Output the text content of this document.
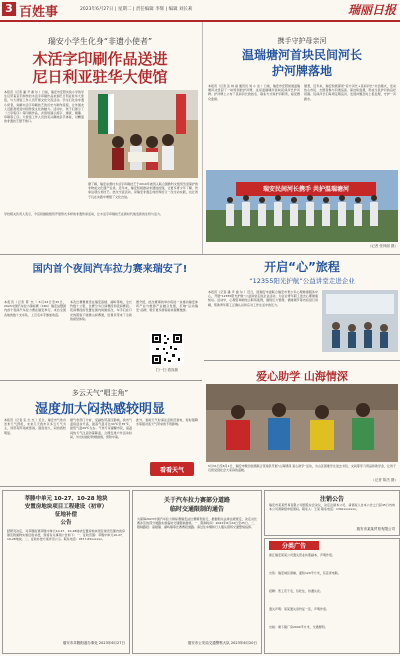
3 百姓事	2023年6月27日 | 星期二 | 责任编辑 李辉 | 编辑 刘长莉	瑞丽日报
瑞安小学生化身“非遗小使者”
木活字印刷作品送进
尼日利亚驻华大使馆
本报讯（记者 潘 尹 谢 尔 ）日前，瑞安市安阳实验小学的学生们带着亲手制作的木活字印刷作品来到尼日利亚驻华大使馆，与大使馆工作人员开展文化交流活动。学生们化身非遗小使者，讲解木活字印刷技艺的历史与制作流程，让外国友人近距离感受中国传统文化的魅力。活动中，孩子们展示了《兰亭集序》等印刷作品，并现场演示拣字、排版、刷墨、印刷等工序。大使馆工作人员饶有兴趣地亲手体验，对精湛的非遗技艺赞不绝口。
据了解，瑞安东源村木活字印刷技艺于2010年被列入联合国教科文组织急需保护的非物质文化遗产名录。近年来，瑞安积极推动非遗进校园，让更多青少年了解、传承这项古老技艺。此次交流活动，是瑞安非遗走向世界的又一次生动实践，也让孩子们在实践中增强了文化自信。
学校相关负责人表示，今后将继续组织开展形式多样的非遗传承活动，让木活字印刷技艺在新时代焕发新的生机与活力。
携手守护母亲河
温瑞塘河首块民间河长
护河牌落地
本报讯（记者 张 帅 丽 通讯员 刘 小 洁 ）日前，瑞安市安阳街道温瑞塘河边竖起了一块特别的护河牌，这是温瑞塘河首块民间河长护河牌。护河牌上公布了民间河长的姓名、联系方式和护河职责，接受群众监督。
据悉，近年来，瑞安积极探索“官方河长+民间河长”共治模式，发动热心市民、志愿者参与河道巡查、保洁和监督，形成全民护河的良好氛围。民间河长们每周定期巡河，发现问题及时上报处理，守护一河碧水。
瑞安民间河长携手 共护温瑞塘河
（记者 张帅丽 摄）
国内首个夜间汽车拉力赛来瑞安了!
本报讯（记者 陈 杰 ）6月24日至25日，2023中国汽车拉力锦标赛（CRC）瑞安站暨国内首个夜间汽车拉力赛在瑞安举行。来自全国各地的数十支车队、上百名车手参加角逐。
本次比赛赛道设在瑞安高楼、湖岭等地，全长约数十公里，比赛分为日间赛段和夜间赛段。夜间赛段的设置在国内尚属首次，车手们在灯光的照射下驰骋山间赛道，给观众带来了全新的视觉体验。
据介绍，此次赛事的举办将进一步推动瑞安体育产业与旅游产业融合发展，打响“运动瑞安”品牌，吸引更多游客前来观赛旅游。
扫一扫 看视频
多云天气“唱主角”
湿度加大闷热感较明显
本报讯（记者 张 志 杰 ）近日，瑞安市气象台发布天气预报，未来几天我市以多云天气为主，局部有阵雨或雷雨，湿度加大，闷热感较明显。
据气象部门分析，受副热带高压影响，我市气温将逐步升高，最高气温可达34℃至35℃，最低气温26℃左右。气象专家提醒市民，高温闷热天气注意防暑降温，合理安排户外活动时间，外出时做好防晒措施，预防中暑。
此外，雷雨天气时请注意防范雷电、短时强降水等强对流天气带来的不利影响。
看看天气
开启“心”旅程
“12355阳光护航”公益讲堂走进企业
本报讯（记者 潘 尹 谢 尔 ）近日，团瑞安市委联合瑞安市青少年心理健康服务中心，开展“12355阳光护航”公益讲堂走进企业活动，为企业青年职工送去心理健康知识。活动中，心理咨询师结合职场案例，围绕压力管理、情绪调节等内容进行讲解，帮助青年职工正确认识和应对工作生活中的压力。
爱心助学 山海情深
5月31日至6月1日，瑞安市鲍田街道联合苍南县开展“山海情深 爱心助学”活动，为山区困难学生送去书包、文具等学习用品和助学金，让孩子们感受到社会大家庭的温暖。
（记者 陈杰 摄）
莘塍中单元 10-27、10-28 地块
安置房地块项目工程建设（初审）
征地补偿
公告
经研究决定，对莘塍街道莘塍中单元10-27、10-28地块安置房地块项目建设范围内的房屋及附属物实施征收补偿，现将有关事项公告如下：一、征收范围：莘塍中单元10-27、10-28地块。二、征收补偿方案详见公示。联系电话：0577-65xxxxxx。
瑞安市莘塍街道办事处 2023年6月27日
关于汽车拉力赛部分道路
临时交通限制的通告
为保障2023中国汽车拉力锦标赛瑞安站比赛顺利进行，根据相关法律法规规定，决定对比赛涉及的部分道路实施临时交通限制措施。一、限制时间：2023年6月24日至25日。二、限制路段：高楼镇、湖岭镇等比赛赛段道路。请过往车辆和行人服从现场交通警察指挥。
瑞安市公安局交通警察大队 2023年6月20日
注销公告
瑞安市某某贸易有限公司经股东会决议，决定注销本公司，请债权人自本公告之日起45日内向本公司清算组申报债权。联系人：王某 联系电话：139xxxxxxxx。
瑞安市某某贸易有限公司
分类广告
浙江瑞安某某公司遗失营业执照副本，声明作废。
出售：瑞安城区商铺，面积120平方米，有意者电联。
招聘：普工若干名，包吃住，待遇从优。
遗失声明：某某遗失身份证一张，声明作废。
出租：塘下镇厂房2000平方米，交通便利。
